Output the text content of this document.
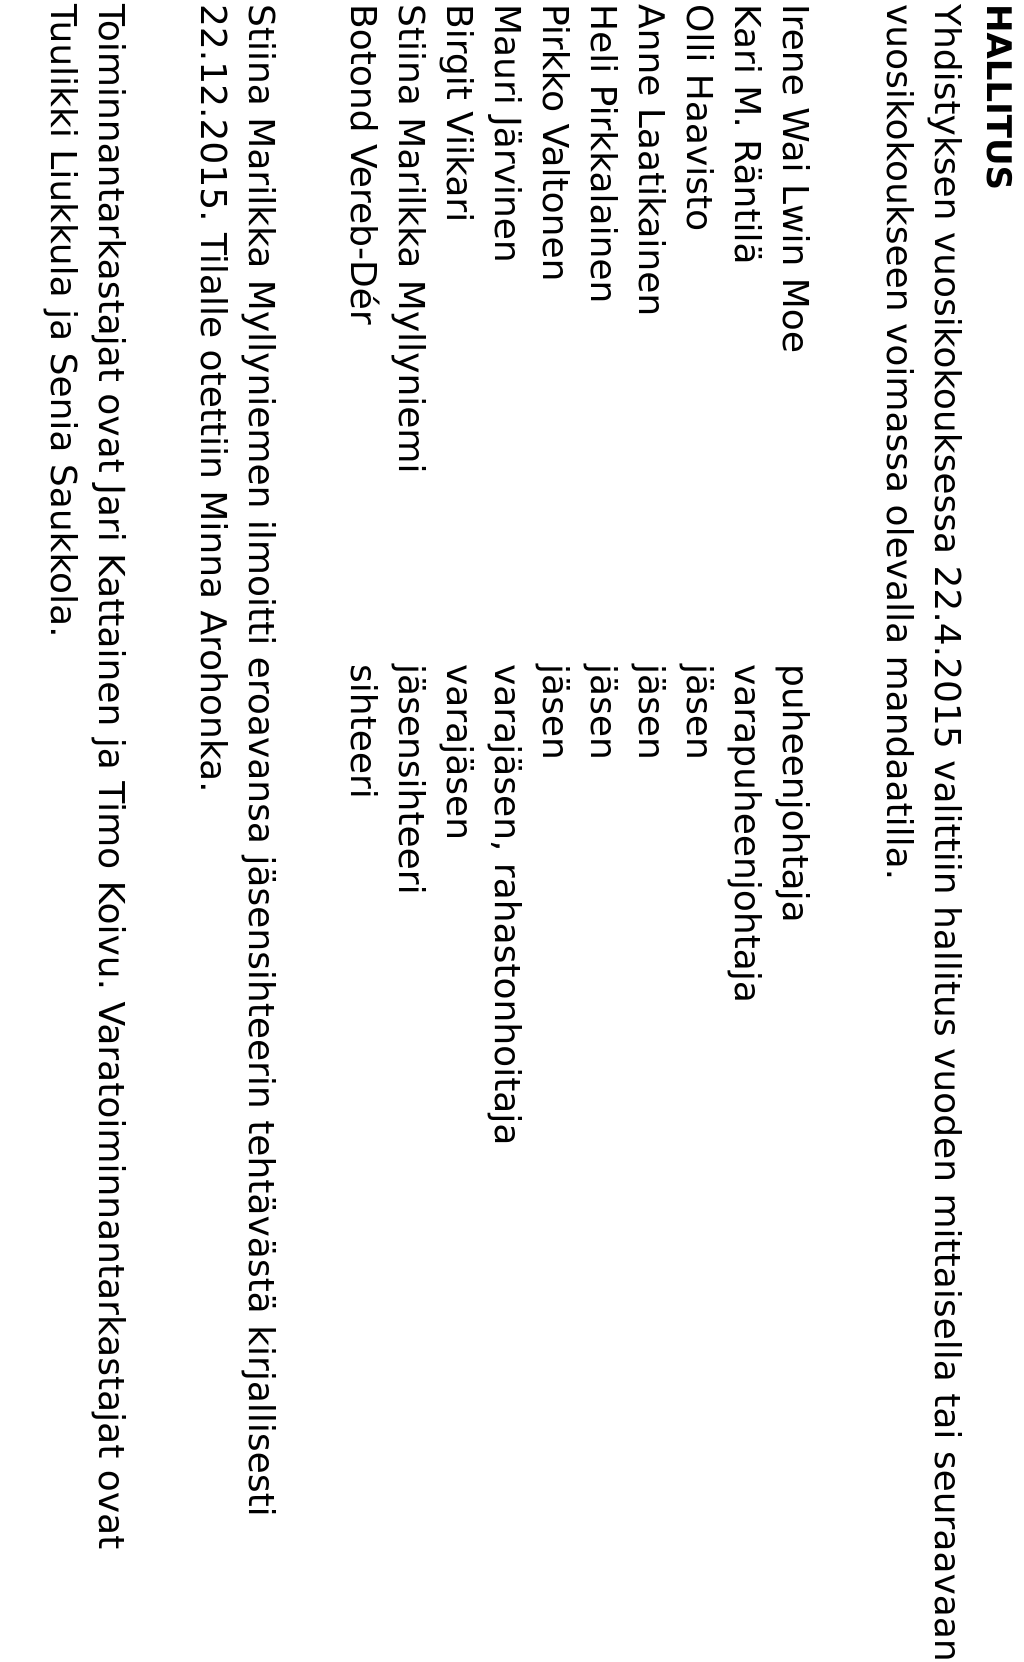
HALLITUS
Yhdistyksen vuosikokouksessa 22.4.2015 valittiin hallitus vuoden mittaisella tai seuraavaan
vuosikokoukseen voimassa olevalla mandaatilla.
Irene Wai Lwin Moe
puheenjohtaja
Kari M. Räntilä
varapuheenjohtaja
Olli Haavisto
jäsen
Anne Laatikainen
jäsen
Heli Pirkkalainen
jäsen
Pirkko Valtonen
jäsen
Mauri Järvinen
varajäsen, rahastonhoitaja
Birgit Viikari
varajäsen
Stiina Marilkka Myllyniemi
jäsensihteeri
Botond Vereb-Dér
sihteeri
Stiina Marilkka Myllyniemen ilmoitti eroavansa jäsensihteerin tehtävästä kirjallisesti
22.12.2015. Tilalle otettiin Minna Arohonka.
Toiminnantarkastajat ovat Jari Kattainen ja Timo Koivu. Varatoiminnantarkastajat ovat
Tuulikki Liukkula ja Senia Saukkola.
